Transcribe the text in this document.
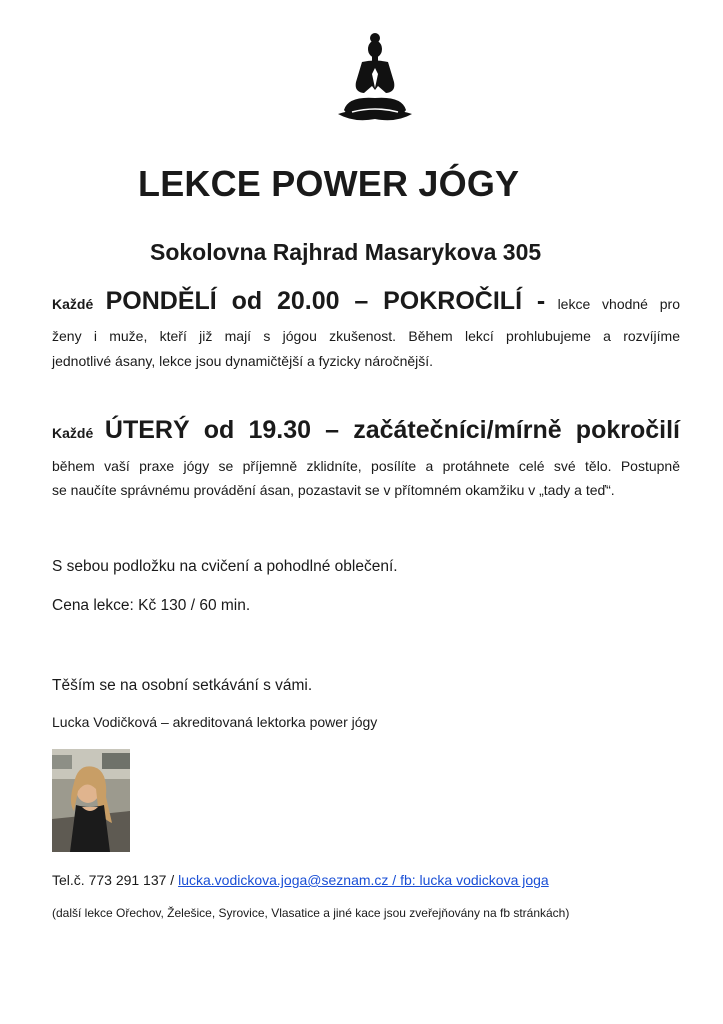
LEKCE POWER JÓGY
Sokolovna Rajhrad Masarykova 305
Každé PONDĚLÍ od 20.00 – POKROČILÍ - lekce vhodné pro
ženy i muže, kteří již mají s jógou zkušenost. Během lekcí prohlubujeme a rozvíjíme
jednotlivé ásany, lekce jsou dynamičtější a fyzicky náročnější.
Každé ÚTERÝ od 19.30 – začátečníci/mírně pokročilí
během vaší praxe jógy se příjemně zklidníte, posílíte a protáhnete celé své tělo. Postupně
se naučíte správnému provádění ásan, pozastavit se v přítomném okamžiku v „tady a teď“.
S sebou podložku na cvičení a pohodlné oblečení.
Cena lekce: Kč 130 / 60 min.
Těším se na osobní setkávání s vámi.
Lucka Vodičková – akreditovaná lektorka power jógy
Tel.č. 773 291 137 / lucka.vodickova.joga@seznam.cz / fb: lucka vodickova joga
(další lekce Ořechov, Želešice, Syrovice, Vlasatice a jiné kace jsou zveřejňovány na fb stránkách)
